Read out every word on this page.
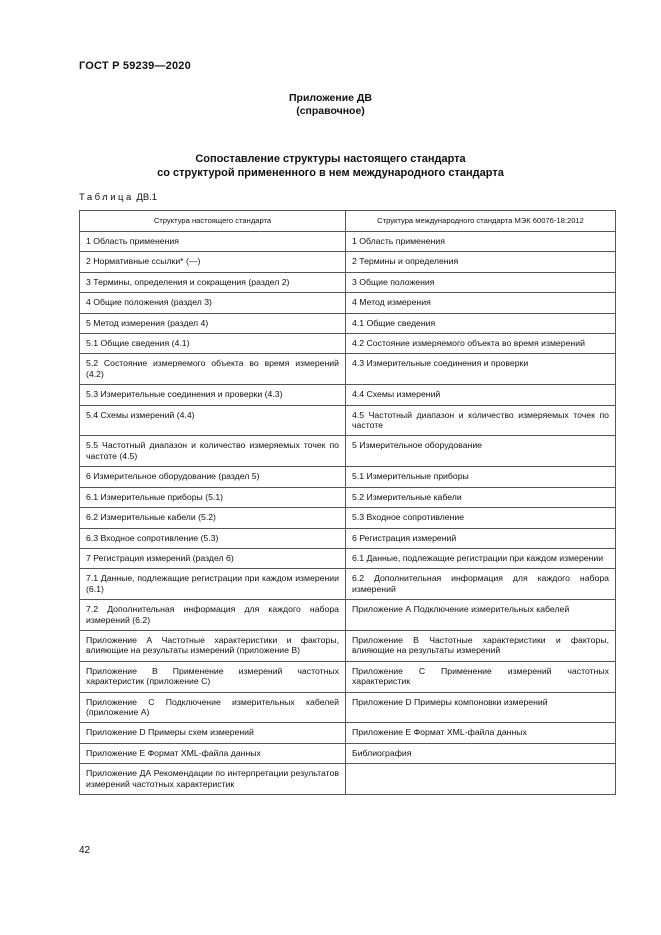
ГОСТ Р 59239—2020
Приложение ДВ
(справочное)
Сопоставление структуры настоящего стандарта
со структурой примененного в нем международного стандарта
Таблица ДВ.1
Структура настоящего стандарта	Структура международного стандарта МЭК 60076-18:2012
1 Область применения	1 Область применения
2 Нормативные ссылки* (—)	2 Термины и определения
3 Термины, определения и сокращения (раздел 2)	3 Общие положения
4 Общие положения (раздел 3)	4 Метод измерения
5 Метод измерения (раздел 4)	4.1 Общие сведения
5.1 Общие сведения (4.1)	4.2 Состояние измеряемого объекта во время измерений
5.2 Состояние измеряемого объекта во время измерений (4.2)	4.3 Измерительные соединения и проверки
5.3 Измерительные соединения и проверки (4.3)	4.4 Схемы измерений
5.4 Схемы измерений (4.4)	4.5 Частотный диапазон и количество измеряемых точек по частоте
5.5 Частотный диапазон и количество измеряемых точек по частоте (4.5)	5 Измерительное оборудование
6 Измерительное оборудование (раздел 5)	5.1 Измерительные приборы
6.1 Измерительные приборы (5.1)	5.2 Измерительные кабели
6.2 Измерительные кабели (5.2)	5.3 Входное сопротивление
6.3 Входное сопротивление (5.3)	6 Регистрация измерений
7 Регистрация измерений (раздел 6)	6.1 Данные, подлежащие регистрации при каждом измерении
7.1 Данные, подлежащие регистрации при каждом измерении (6.1)	6.2 Дополнительная информация для каждого набора измерений
7.2 Дополнительная информация для каждого набора измерений (6.2)	Приложение А Подключение измерительных кабелей
Приложение А Частотные характеристики и факторы, влияющие на результаты измерений (приложение В)	Приложение В Частотные характеристики и факторы, влияющие на результаты измерений
Приложение В Применение измерений частотных характеристик (приложение С)	Приложение С Применение измерений частотных характеристик
Приложение С Подключение измерительных кабелей (приложение А)	Приложение D Примеры компоновки измерений
Приложение D Примеры схем измерений	Приложение Е Формат XML-файла данных
Приложение Е Формат XML-файла данных	Библиография
Приложение ДА Рекомендации по интерпретации результатов измерений частотных характеристик	
42
